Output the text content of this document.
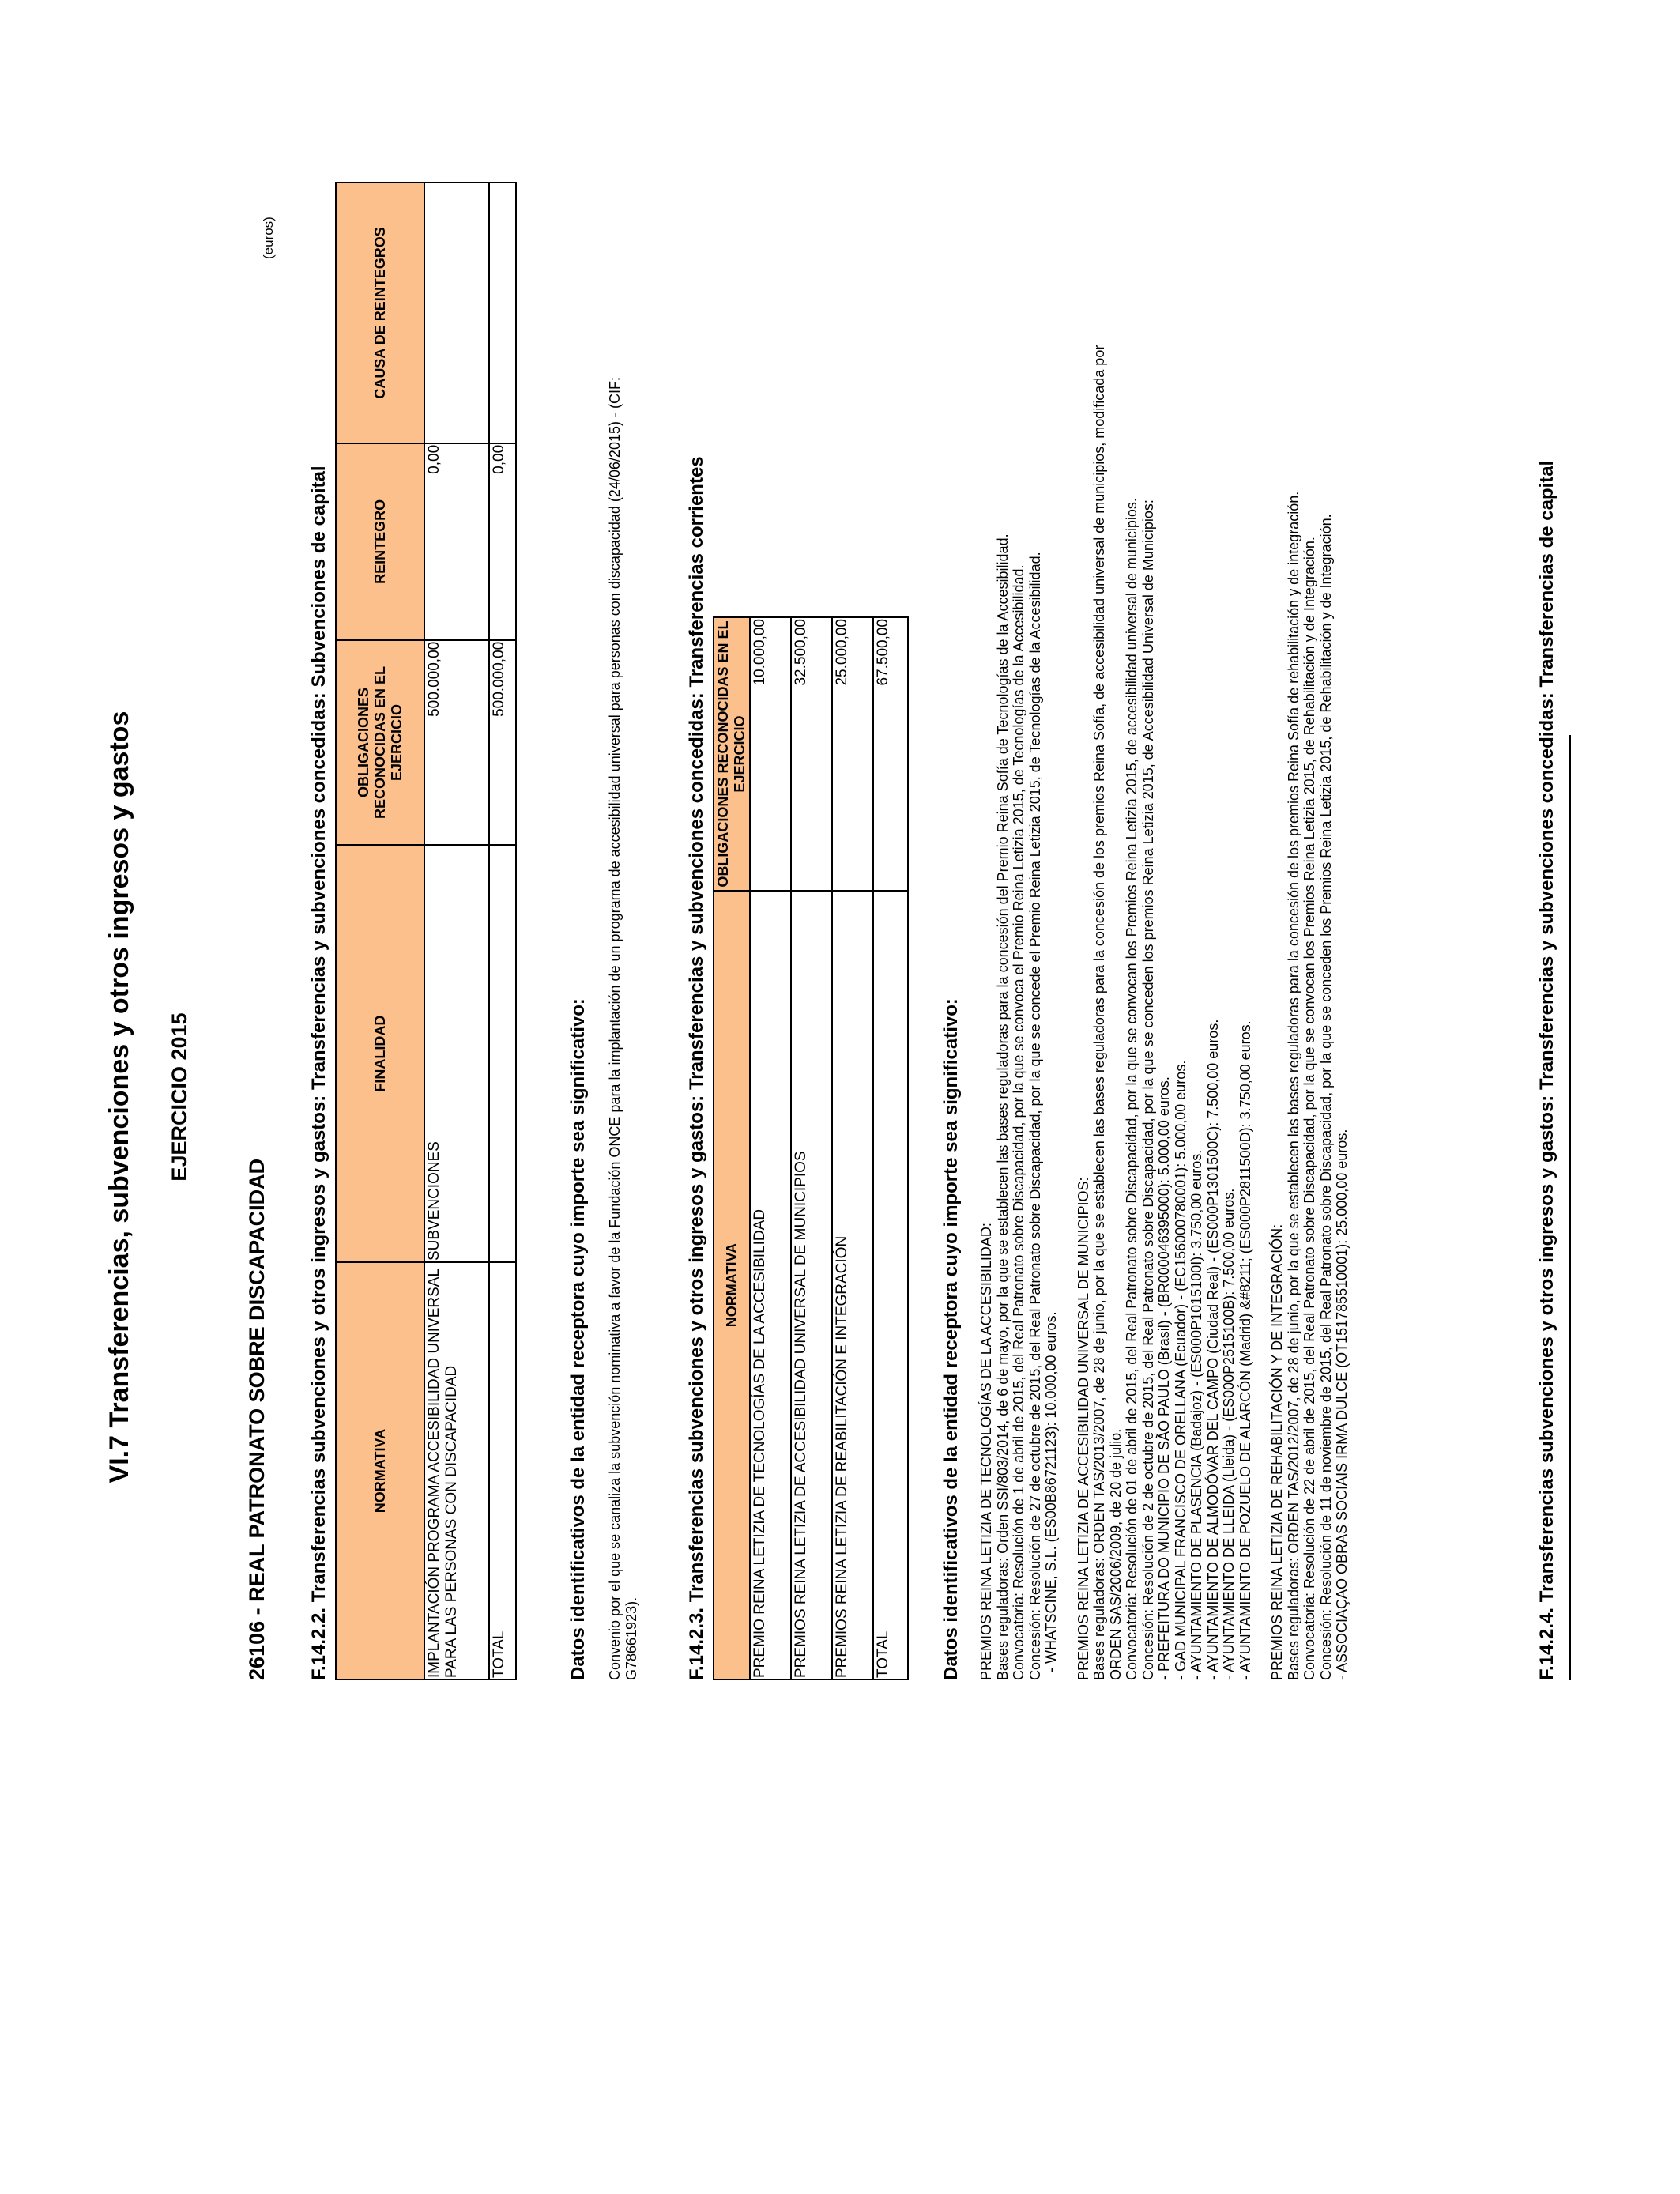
VI.7 Transferencias, subvenciones y otros ingresos y gastos EJERCICIO 2015
26106 - REAL PATRONATO SOBRE DISCAPACIDAD
(euros)
F.14.2.2. Transferencias subvenciones y otros ingresos y gastos: Transferencias y subvenciones concedidas: Subvenciones de capital	NORMATIVA	FINALIDAD	OBLIGACIONES RECONOCIDAS EN EL EJERCICIO	REINTEGRO	CAUSA DE REINTEGROS
IMPLANTACIÓN PROGRAMA ACCESIBILIDAD UNIVERSAL PARA LAS PERSONAS CON DISCAPACIDAD	SUBVENCIONES	500.000,00	0,00	
TOTAL		500.000,00	0,00	
Datos identificativos de la entidad receptora cuyo importe sea significativo: Convenio por el que se canaliza la subvención nominativa a favor de la Fundación ONCE para la implantación de un programa de accesibilidad universal para personas con discapacidad (24/06/2015) - (CIF: G78661923). F.14.2.3. Transferencias subvenciones y otros ingresos y gastos: Transferencias y subvenciones concedidas: Transferencias corrientes NORMATIVA	OBLIGACIONES RECONOCIDAS EN EL EJERCICIO
PREMIO REINA LETIZIA DE TECNOLOGÍAS DE LA ACCESIBILIDAD	10.000,00
PREMIOS REINA LETIZIA DE ACCESIBILIDAD UNIVERSAL DE MUNICIPIOS	32.500,00
PREMIOS REINA LETIZIA DE REABILITACIÓN E INTEGRACIÓN	25.000,00
TOTAL	67.500,00
Datos identificativos de la entidad receptora cuyo importe sea significativo: PREMIOS REINA LETIZIA DE TECNOLOGÍAS DE LA ACCESIBILIDAD: Bases reguladoras: Orden SSI/803/2014, de 6 de mayo, por la que se establecen las bases reguladoras para la concesión del Premio Reina Sofía de Tecnologías de la Accesibilidad. Convocatoria: Resolución de 1 de abril de 2015, del Real Patronato sobre Discapacidad, por la que se convoca el Premio Reina Letizia 2015, de Tecnologías de la Accesibilidad. Concesión: Resolución de 27 de octubre de 2015, del Real Patronato sobre Discapacidad, por la que se concede el Premio Reina Letizia 2015, de Tecnologías de la Accesibilidad. - WHATSCINE, S.L. (ES00B86721123): 10.000,00 euros. PREMIOS REINA LETIZIA DE ACCESIBILIDAD UNIVERSAL DE MUNICIPIOS: Bases reguladoras: ORDEN TAS/2013/2007, de 28 de junio, por la que se establecen las bases reguladoras para la concesión de los premios Reina Sofía, de accesibilidad universal de municipios, modificada por ORDEN SAS/2006/2009, de 20 de julio. Convocatoria: Resolución de 01 de abril de 2015, del Real Patronato sobre Discapacidad, por la que se convocan los Premios Reina Letizia 2015, de accesibilidad universal de municipios. Concesión: Resolución de 2 de octubre de 2015, del Real Patronato sobre Discapacidad, por la que se conceden los premios Reina Letizia 2015, de Accesibilidad Universal de Municipios: - PREFEITURA DO MUNICIPIO DE SÃO PAULO (Brasil) - (BR000046395000): 5.000,00 euros. - GAD MUNICIPAL FRANCISCO DE ORELLANA (Ecuador) - (EC156000780001): 5.000,00 euros. - AYUNTAMIENTO DE PLASENCIA (Badajoz) - (ES000P1015100I): 3.750,00 euros. - AYUNTAMIENTO DE ALMODÓVAR DEL CAMPO (Ciudad Real) - (ES000P1301500C): 7.500,00 euros. - AYUNTAMIENTO DE LLEIDA (Lleida) - (ES000P2515100B): 7.500,00 euros. - AYUNTAMIENTO DE POZUELO DE ALARCÓN (Madrid) &#8211; (ES000P2811500D): 3.750,00 euros. PREMIOS REINA LETIZIA DE REHABILITACIÓN Y DE INTEGRACIÓN: Bases reguladoras: ORDEN TAS/2012/2007, de 28 de junio, por la que se establecen las bases reguladoras para la concesión de los premios Reina Sofía de rehabilitación y de integración. Convocatoria: Resolución de 22 de abril de 2015, del Real Patronato sobre Discapacidad, por la que se convocan los Premios Reina Letizia 2015, de Rehabilitación y de Integración. Concesión: Resolución de 11 de noviembre de 2015, del Real Patronato sobre Discapacidad, por la que se conceden los Premios Reina Letizia 2015, de Rehabilitación y de Integración. - ASSOCIAÇAO OBRAS SOCIAIS IRMA DULCE (OT151785510001): 25.000,00 euros.	F.14.2.4. Transferencias subvenciones y otros ingresos y gastos: Transferencias y subvenciones concedidas: Transferencias de capital
